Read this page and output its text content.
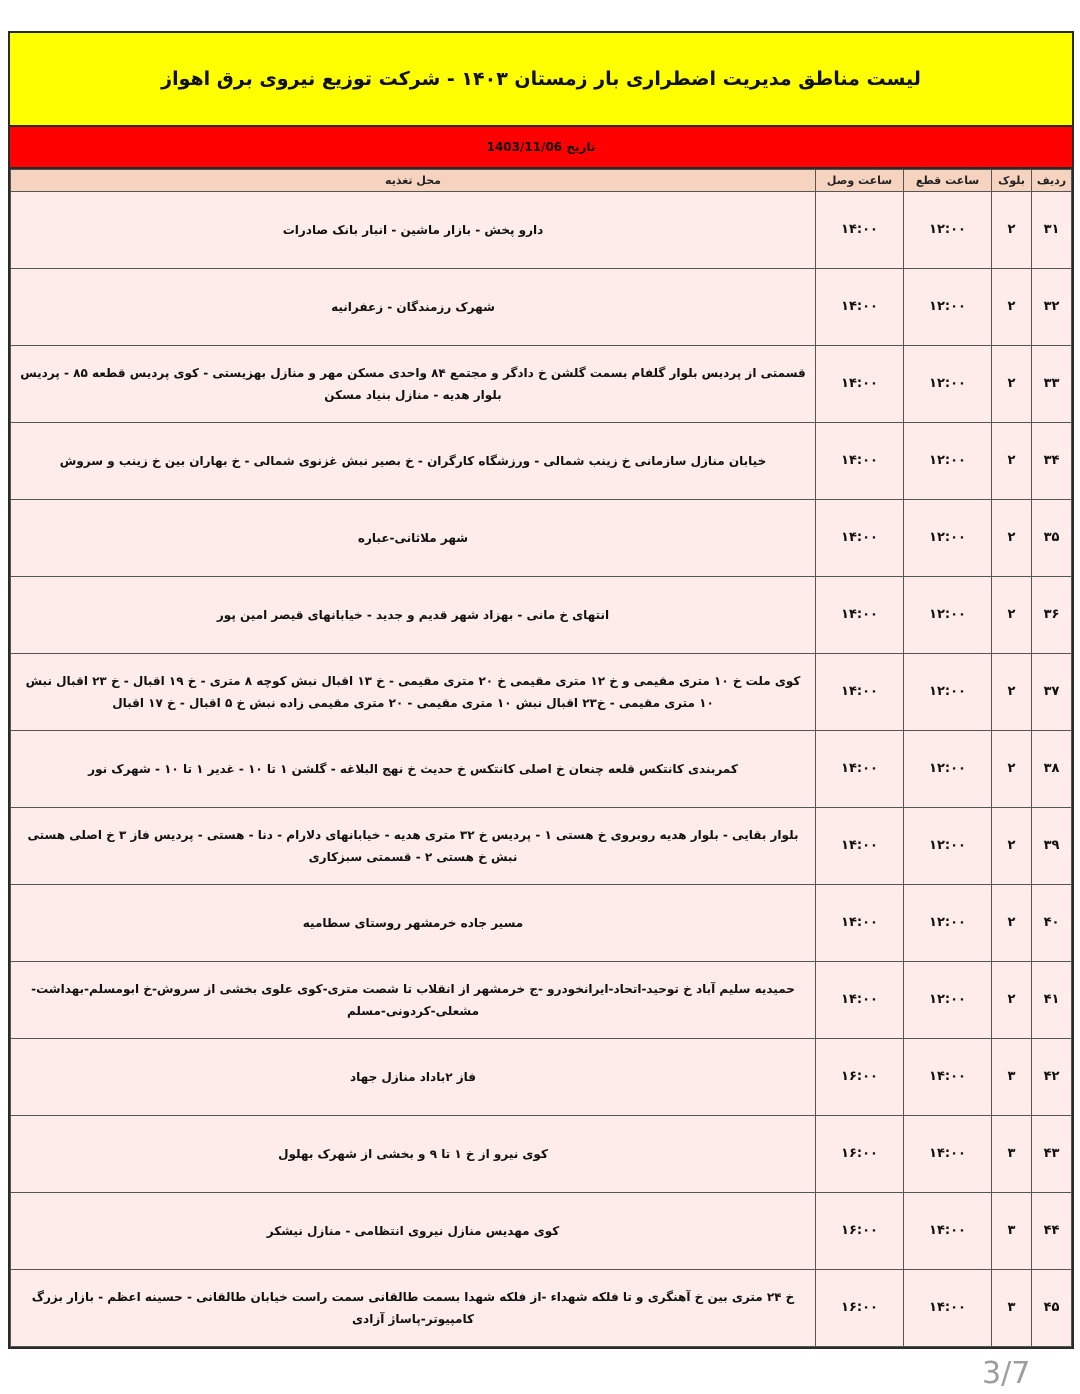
لیست مناطق مدیریت اضطراری بار زمستان ۱۴۰۳ - شرکت توزیع نیروی برق اهواز
تاریخ 1403/11/06
ردیف	بلوک	ساعت قطع	ساعت وصل	محل تغذیه
۳۱	۲	۱۲:۰۰	۱۴:۰۰	دارو پخش - بازار ماشین - انبار بانک صادرات
۳۲	۲	۱۲:۰۰	۱۴:۰۰	شهرک رزمندگان - زعفرانیه
۳۳	۲	۱۲:۰۰	۱۴:۰۰	قسمتی از پردیس بلوار گلفام بسمت گلشن خ دادگر و مجتمع ۸۴ واحدی مسکن مهر و منازل بهزیستی - کوی پردیس قطعه ۸۵ - پردیس بلوار هدیه - منازل بنیاد مسکن
۳۴	۲	۱۲:۰۰	۱۴:۰۰	خیابان منازل سازمانی خ زینب شمالی - ورزشگاه کارگران - خ بصیر نبش غزنوی شمالی - خ بهاران بین خ زینب و سروش
۳۵	۲	۱۲:۰۰	۱۴:۰۰	شهر ملاثانی-عباره
۳۶	۲	۱۲:۰۰	۱۴:۰۰	انتهای خ مانی - بهزاد شهر قدیم و جدید - خیابانهای قیصر امین پور
۳۷	۲	۱۲:۰۰	۱۴:۰۰	کوی ملت خ ۱۰ متری مقیمی و خ ۱۲ متری مقیمی خ ۲۰ متری مقیمی - خ ۱۳ اقبال نبش کوچه ۸ متری - خ ۱۹ اقبال - خ ۲۳ اقبال نبش ۱۰ متری مقیمی - خ۲۳ اقبال نبش ۱۰ متری مقیمی - ۲۰ متری مقیمی زاده نبش خ ۵ اقبال - خ ۱۷ اقبال
۳۸	۲	۱۲:۰۰	۱۴:۰۰	کمربندی کانتکس قلعه چنعان خ اصلی کانتکس خ حدیث خ نهج البلاغه - گلشن ۱ تا ۱۰ - غدیر ۱ تا ۱۰ - شهرک نور
۳۹	۲	۱۲:۰۰	۱۴:۰۰	بلوار بقایی - بلوار هدیه روبروی خ هستی ۱ - پردیس خ ۳۲ متری هدیه - خیابانهای دلارام - دنا - هستی - پردیس فاز ۳ خ اصلی هستی نبش خ هستی ۲ - قسمتی سبزکاری
۴۰	۲	۱۲:۰۰	۱۴:۰۰	مسیر جاده خرمشهر روستای سطامیه
۴۱	۲	۱۲:۰۰	۱۴:۰۰	حمیدیه سلیم آباد خ توحید-اتحاد-ایرانخودرو -ج خرمشهر از انقلاب تا شصت متری-کوی علوی بخشی از سروش-خ ابومسلم-بهداشت-مشعلی-کردونی-مسلم
۴۲	۳	۱۴:۰۰	۱۶:۰۰	فاز ۲باداد منازل جهاد
۴۳	۳	۱۴:۰۰	۱۶:۰۰	کوی نیرو از خ ۱ تا ۹ و بخشی از شهرک بهلول
۴۴	۳	۱۴:۰۰	۱۶:۰۰	کوی مهدیس منازل نیروی انتظامی - منازل نیشکر
۴۵	۳	۱۴:۰۰	۱۶:۰۰	خ ۲۴ متری بین خ آهنگری و تا فلکه شهداء -از فلکه شهدا بسمت طالقانی سمت راست خیابان طالقانی - حسینه اعظم - بازار بزرگ کامپیوتر-پاساژ آزادی
3/7
